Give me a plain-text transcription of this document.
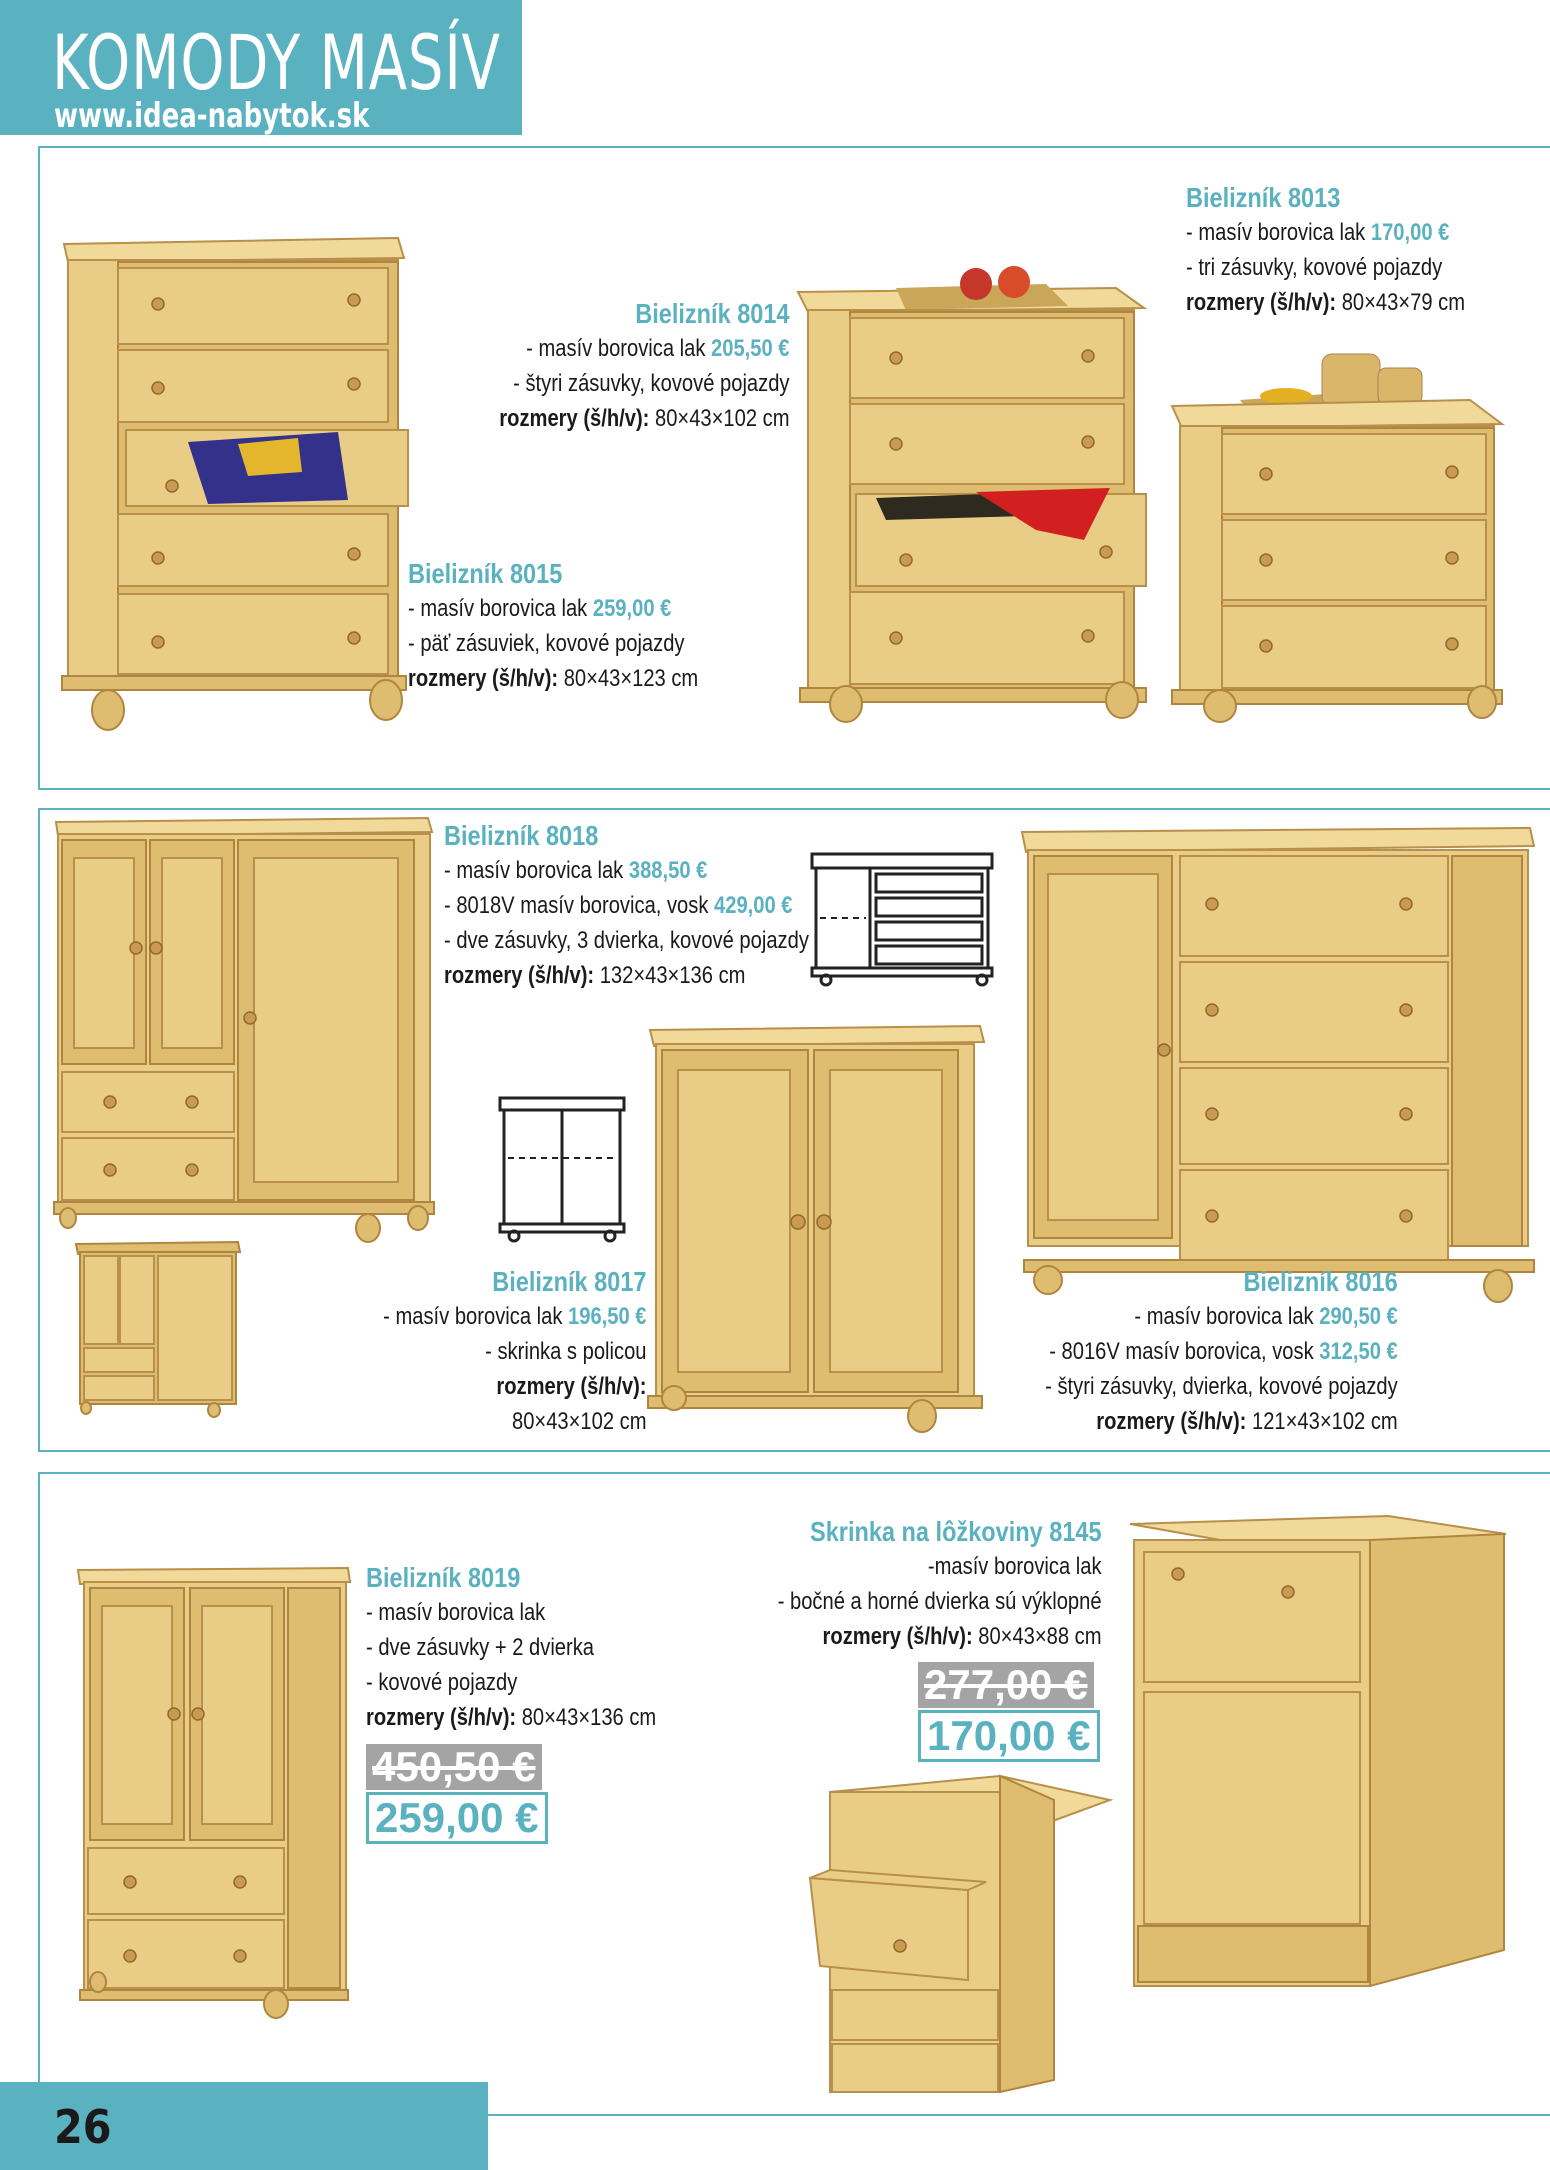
KOMODY MASÍV
www.idea-nabytok.sk
Bielizník 8013
- masív borovica lak 170,00 €
- tri zásuvky, kovové pojazdy
rozmery (š/h/v): 80×43×79 cm
Bielizník 8014
- masív borovica lak 205,50 €
- štyri zásuvky, kovové pojazdy
rozmery (š/h/v): 80×43×102 cm
Bielizník 8015
- masív borovica lak 259,00 €
- päť zásuviek, kovové pojazdy
rozmery (š/h/v): 80×43×123 cm
Bielizník 8018
- masív borovica lak 388,50 €
- 8018V masív borovica, vosk 429,00 €
- dve zásuvky, 3 dvierka, kovové pojazdy
rozmery (š/h/v): 132×43×136 cm
Bielizník 8017
- masív borovica lak 196,50 €
- skrinka s policou
rozmery (š/h/v):
80×43×102 cm
Bielizník 8016
- masív borovica lak 290,50 €
- 8016V masív borovica, vosk 312,50 €
- štyri zásuvky, dvierka, kovové pojazdy
rozmery (š/h/v): 121×43×102 cm
Bielizník 8019
- masív borovica lak
- dve zásuvky + 2 dvierka
- kovové pojazdy
rozmery (š/h/v): 80×43×136 cm
450,50 €
259,00 €
Skrinka na lôžkoviny 8145
-masív borovica lak
- bočné a horné dvierka sú výklopné
rozmery (š/h/v): 80×43×88 cm
277,00 €
170,00 €
26
